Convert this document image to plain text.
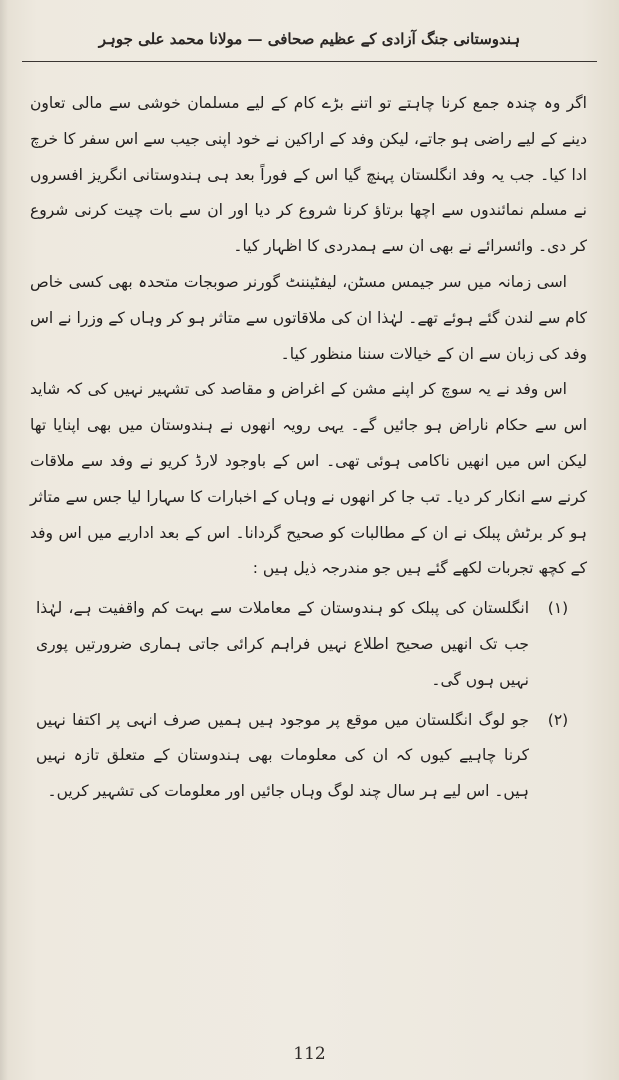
ہندوستانی جنگ آزادی کے عظیم صحافی — مولانا محمد علی جوہر

اگر وہ چندہ جمع کرنا چاہتے تو اتنے بڑے کام کے لیے مسلمان خوشی سے مالی تعاون دینے کے لیے راضی ہو جاتے، لیکن وفد کے اراکین نے خود اپنی جیب سے اس سفر کا خرچ ادا کیا۔ جب یہ وفد انگلستان پہنچ گیا اس کے فوراً بعد ہی ہندوستانی انگریز افسروں نے مسلم نمائندوں سے اچھا برتاؤ کرنا شروع کر دیا اور ان سے بات چیت کرنی شروع کر دی۔ وائسرائے نے بھی ان سے ہمدردی کا اظہار کیا۔

اسی زمانہ میں سر جیمس مسٹن، لیفٹیننٹ گورنر صوبجات متحدہ بھی کسی خاص کام سے لندن گئے ہوئے تھے۔ لہٰذا ان کی ملاقاتوں سے متاثر ہو کر وہاں کے وزرا نے اس وفد کی زبان سے ان کے خیالات سننا منظور کیا۔

اس وفد نے یہ سوچ کر اپنے مشن کے اغراض و مقاصد کی تشہیر نہیں کی کہ شاید اس سے حکام ناراض ہو جائیں گے۔ یہی رویہ انھوں نے ہندوستان میں بھی اپنایا تھا لیکن اس میں انھیں ناکامی ہوئی تھی۔ اس کے باوجود لارڈ کریو نے وفد سے ملاقات کرنے سے انکار کر دیا۔ تب جا کر انھوں نے وہاں کے اخبارات کا سہارا لیا جس سے متاثر ہو کر برٹش پبلک نے ان کے مطالبات کو صحیح گردانا۔ اس کے بعد اداریے میں اس وفد کے کچھ تجربات لکھے گئے ہیں جو مندرجہ ذیل ہیں :

(۱)
انگلستان کی پبلک کو ہندوستان کے معاملات سے بہت کم واقفیت ہے، لہٰذا جب تک انھیں صحیح اطلاع نہیں فراہم کرائی جاتی ہماری ضرورتیں پوری نہیں ہوں گی۔
(۲)
جو لوگ انگلستان میں موقع پر موجود ہیں ہمیں صرف انہی پر اکتفا نہیں کرنا چاہیے کیوں کہ ان کی معلومات بھی ہندوستان کے متعلق تازہ نہیں ہیں۔ اس لیے ہر سال چند لوگ وہاں جائیں اور معلومات کی تشہیر کریں۔
112
